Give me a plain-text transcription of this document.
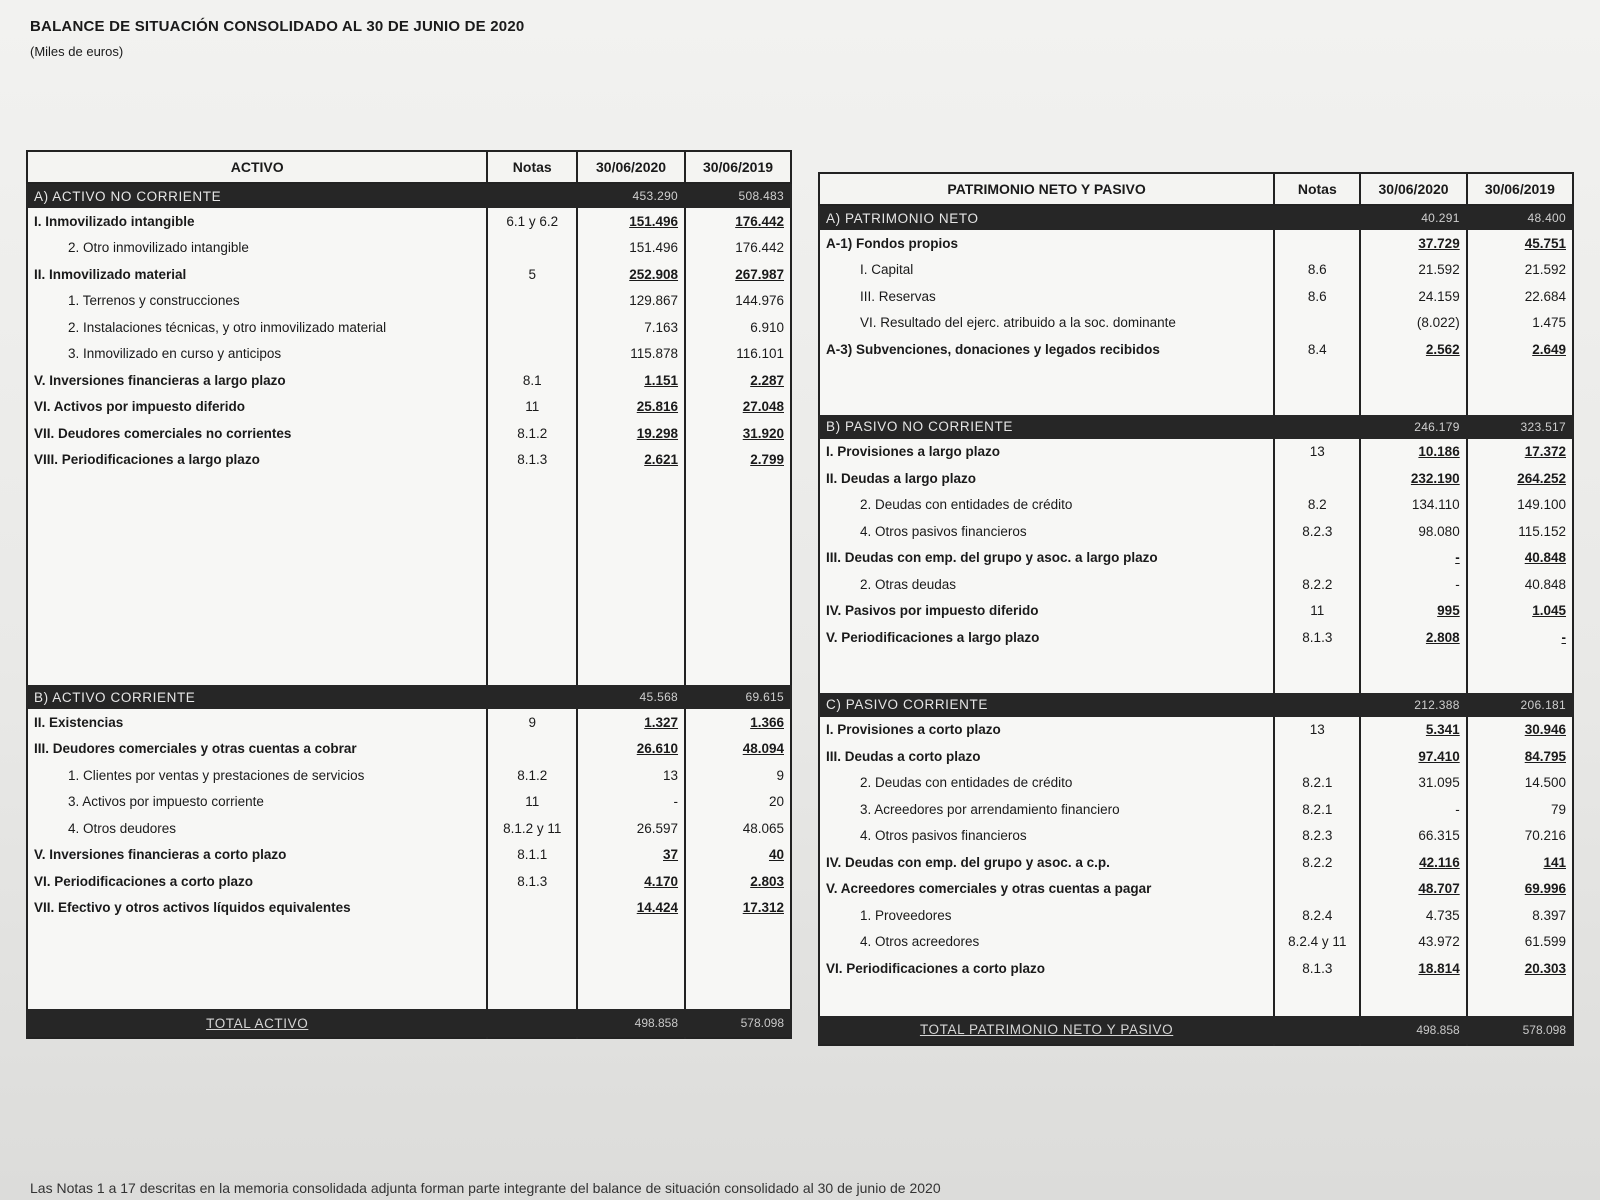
BALANCE DE SITUACIÓN CONSOLIDADO AL 30 DE JUNIO DE 2020
(Miles de euros)
ACTIVO	Notas	30/06/2020	30/06/2019
A) ACTIVO NO CORRIENTE		453.290	508.483
I. Inmovilizado intangible	6.1 y 6.2	151.496	176.442
2. Otro inmovilizado intangible		151.496	176.442
II. Inmovilizado material	5	252.908	267.987
1. Terrenos y construcciones		129.867	144.976
2. Instalaciones técnicas, y otro inmovilizado material		7.163	6.910
3. Inmovilizado en curso y anticipos		115.878	116.101
V. Inversiones financieras a largo plazo	8.1	1.151	2.287
VI. Activos por impuesto diferido	11	25.816	27.048
VII. Deudores comerciales no corrientes	8.1.2	19.298	31.920
VIII. Periodificaciones a largo plazo	8.1.3	2.621	2.799

B) ACTIVO CORRIENTE		45.568	69.615
II. Existencias	9	1.327	1.366
III. Deudores comerciales y otras cuentas a cobrar		26.610	48.094
1. Clientes por ventas y prestaciones de servicios	8.1.2	13	9
3. Activos por impuesto corriente	11	-	20
4. Otros deudores	8.1.2 y 11	26.597	48.065
V. Inversiones financieras a corto plazo	8.1.1	37	40
VI. Periodificaciones a corto plazo	8.1.3	4.170	2.803
VII. Efectivo y otros activos líquidos equivalentes		14.424	17.312

TOTAL ACTIVO		498.858	578.098
PATRIMONIO NETO Y PASIVO	Notas	30/06/2020	30/06/2019
A) PATRIMONIO NETO		40.291	48.400
A-1) Fondos propios		37.729	45.751
I. Capital	8.6	21.592	21.592
III. Reservas	8.6	24.159	22.684
VI. Resultado del ejerc. atribuido a la soc. dominante		(8.022)	1.475
A-3) Subvenciones, donaciones y legados recibidos	8.4	2.562	2.649

B) PASIVO NO CORRIENTE		246.179	323.517
I. Provisiones a largo plazo	13	10.186	17.372
II. Deudas a largo plazo		232.190	264.252
2. Deudas con entidades de crédito	8.2	134.110	149.100
4. Otros pasivos financieros	8.2.3	98.080	115.152
III. Deudas con emp. del grupo y asoc. a largo plazo		-	40.848
2. Otras deudas	8.2.2	-	40.848
IV. Pasivos por impuesto diferido	11	995	1.045
V. Periodificaciones a largo plazo	8.1.3	2.808	-

C) PASIVO CORRIENTE		212.388	206.181
I. Provisiones a corto plazo	13	5.341	30.946
III. Deudas a corto plazo		97.410	84.795
2. Deudas con entidades de crédito	8.2.1	31.095	14.500
3. Acreedores por arrendamiento financiero	8.2.1	-	79
4. Otros pasivos financieros	8.2.3	66.315	70.216
IV. Deudas con emp. del grupo y asoc. a c.p.	8.2.2	42.116	141
V. Acreedores comerciales y otras cuentas a pagar		48.707	69.996
1. Proveedores	8.2.4	4.735	8.397
4. Otros acreedores	8.2.4 y 11	43.972	61.599
VI. Periodificaciones a corto plazo	8.1.3	18.814	20.303

TOTAL PATRIMONIO NETO Y PASIVO		498.858	578.098
Las Notas 1 a 17 descritas en la memoria consolidada adjunta forman parte integrante del balance de situación consolidado al 30 de junio de 2020
